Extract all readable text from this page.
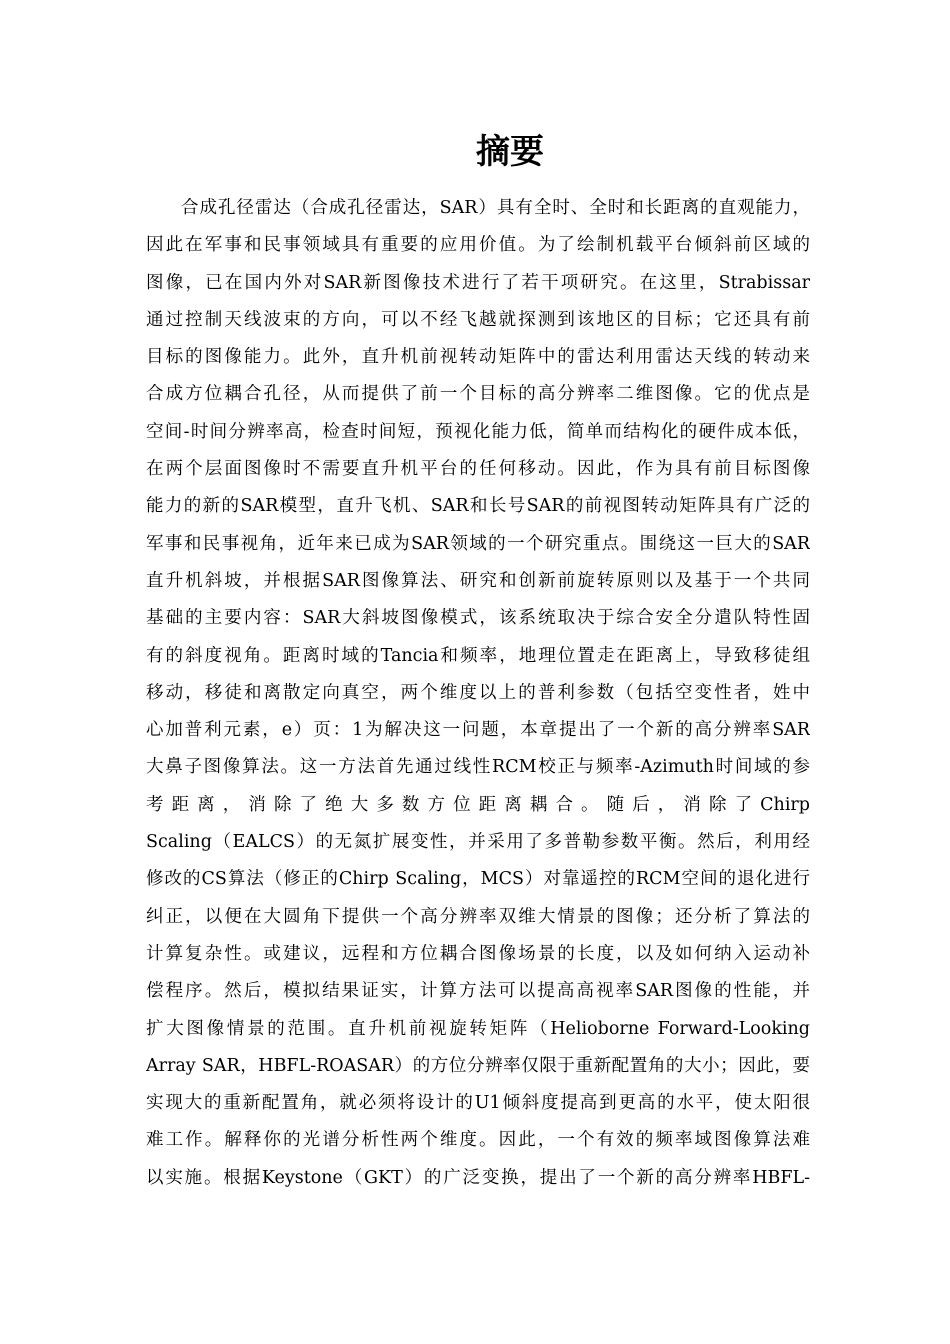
摘要
合成孔径雷达（合成孔径雷达，SAR）具有全时、全时和长距离的直观能力，
因此在军事和民事领域具有重要的应用价值。为了绘制机载平台倾斜前区域的
图像，已在国内外对SAR新图像技术进行了若干项研究。在这里，Strabissar
通过控制天线波束的方向，可以不经飞越就探测到该地区的目标；它还具有前
目标的图像能力。此外，直升机前视转动矩阵中的雷达利用雷达天线的转动来
合成方位耦合孔径，从而提供了前一个目标的高分辨率二维图像。它的优点是
空间-时间分辨率高，检查时间短，预视化能力低，简单而结构化的硬件成本低，
在两个层面图像时不需要直升机平台的任何移动。因此，作为具有前目标图像
能力的新的SAR模型，直升飞机、SAR和长号SAR的前视图转动矩阵具有广泛的
军事和民事视角，近年来已成为SAR领域的一个研究重点。围绕这一巨大的SAR
直升机斜坡，并根据SAR图像算法、研究和创新前旋转原则以及基于一个共同
基础的主要内容：SAR大斜坡图像模式，该系统取决于综合安全分遣队特性固
有的斜度视角。距离时域的Tancia和频率，地理位置走在距离上，导致移徒组
移动，移徒和离散定向真空，两个维度以上的普利参数（包括空变性者，姓中
心加普利元素，e）页：1为解决这一问题，本章提出了一个新的高分辨率SAR
大鼻子图像算法。这一方法首先通过线性RCM校正与频率-Azimuth时间域的参
考距离，消除了绝大多数方位距离耦合。随后，消除了Chirp
Scaling（EALCS）的无氮扩展变性，并采用了多普勒参数平衡。然后，利用经
修改的CS算法（修正的Chirp Scaling，MCS）对靠遥控的RCM空间的退化进行
纠正，以便在大圆角下提供一个高分辨率双维大情景的图像；还分析了算法的
计算复杂性。或建议，远程和方位耦合图像场景的长度，以及如何纳入运动补
偿程序。然后，模拟结果证实，计算方法可以提高高视率SAR图像的性能，并
扩大图像情景的范围。直升机前视旋转矩阵（Helioborne Forward-Looking
Array SAR，HBFL-ROASAR）的方位分辨率仅限于重新配置角的大小；因此，要
实现大的重新配置角，就必须将设计的U1倾斜度提高到更高的水平，使太阳很
难工作。解释你的光谱分析性两个维度。因此，一个有效的频率域图像算法难
以实施。根据Keystone（GKT）的广泛变换，提出了一个新的高分辨率HBFL-
